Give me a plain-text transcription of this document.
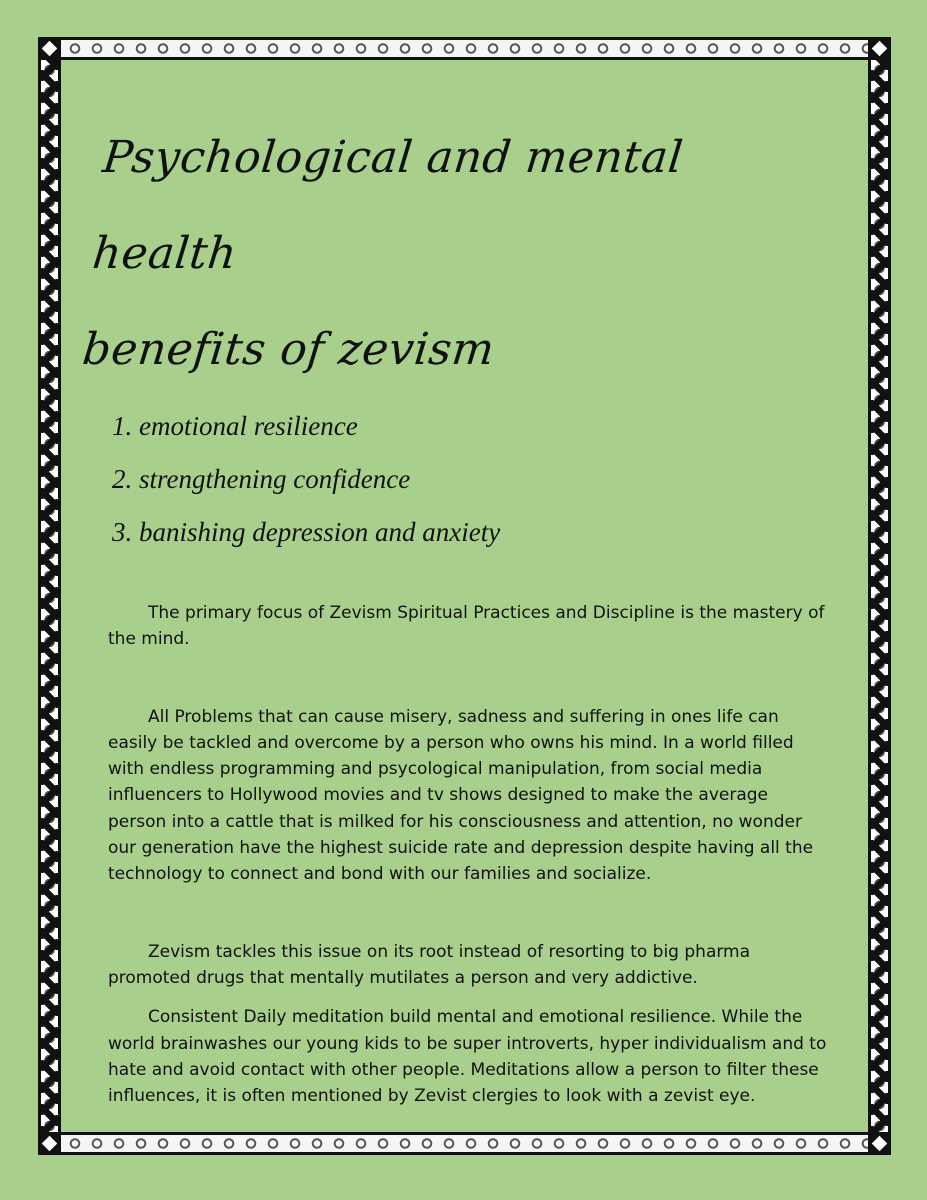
Psychological and mental health
benefits of zevism
1. emotional resilience
2. strengthening confidence
3. banishing depression and anxiety

The primary focus of Zevism Spiritual Practices and Discipline is the mastery of the mind.

All Problems that can cause misery, sadness and suffering in ones life can easily be tackled and overcome by a person who owns his mind. In a world filled with endless programming and psycological manipulation, from social media influencers to Hollywood movies and tv shows designed to make the average person into a cattle that is milked for his consciousness and attention, no wonder our generation have the highest suicide rate and depression despite having all the technology to connect and bond with our families and socialize.

Zevism tackles this issue on its root instead of resorting to big pharma promoted drugs that mentally mutilates a person and very addictive.

Consistent Daily meditation build mental and emotional resilience. While the world brainwashes our young kids to be super introverts, hyper individualism and to hate and avoid contact with other people. Meditations allow a person to filter these influences, it is often mentioned by Zevist clergies to look with a zevist eye.
